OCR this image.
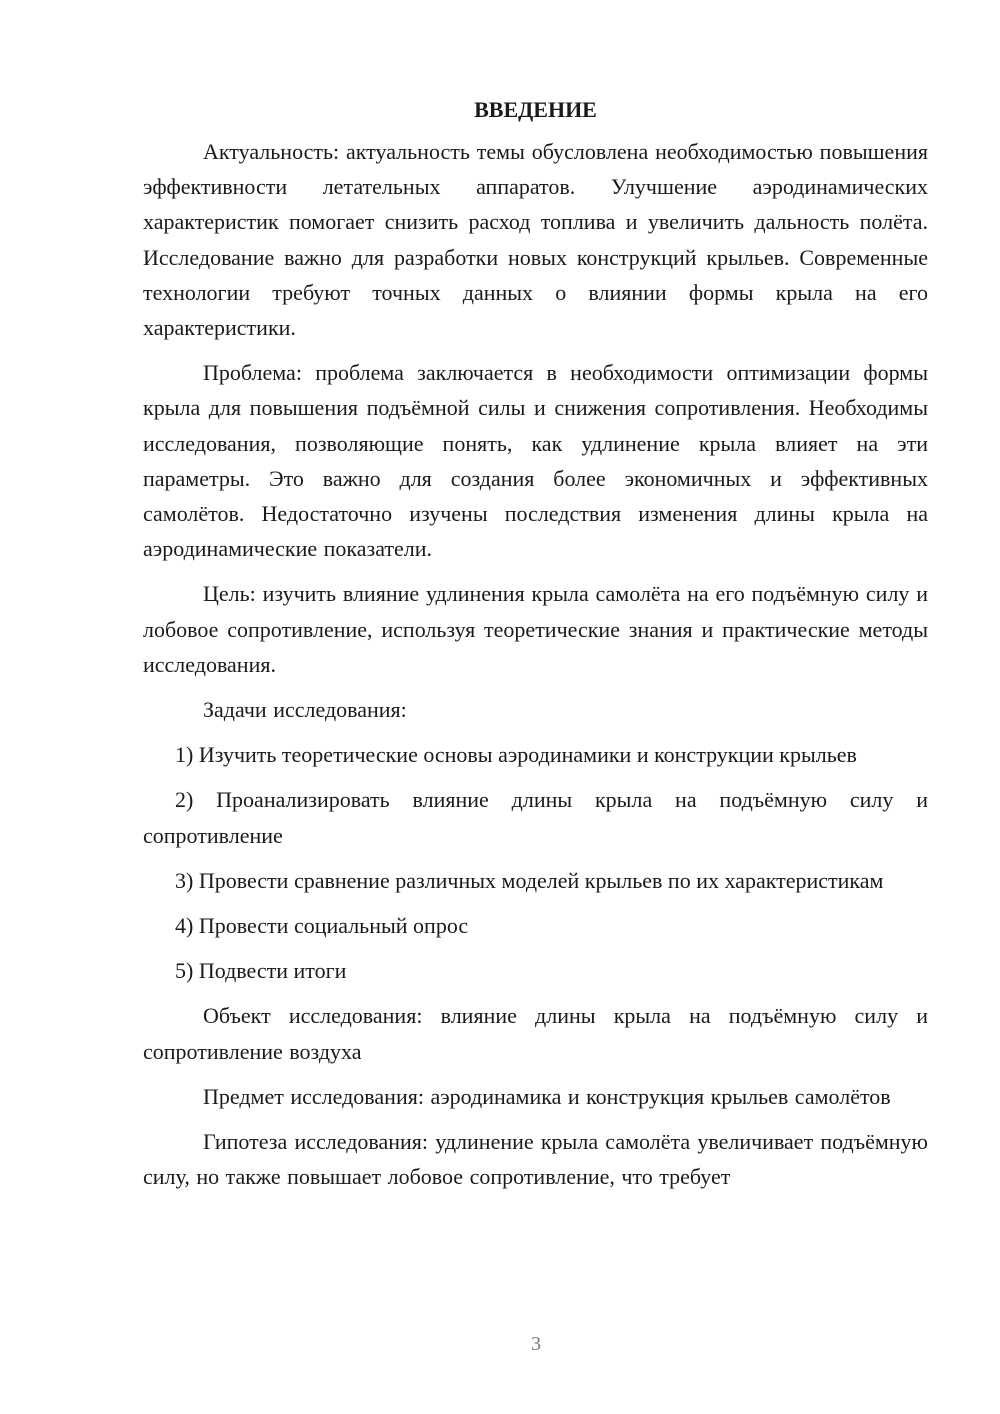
ВВЕДЕНИЕ

Актуальность: актуальность темы обусловлена необходимостью повышения эффективности летательных аппаратов. Улучшение аэродинамических характеристик помогает снизить расход топлива и увеличить дальность полёта. Исследование важно для разработки новых конструкций крыльев. Современные технологии требуют точных данных о влиянии формы крыла на его характеристики.

Проблема: проблема заключается в необходимости оптимизации формы крыла для повышения подъёмной силы и снижения сопротивления. Необходимы исследования, позволяющие понять, как удлинение крыла влияет на эти параметры. Это важно для создания более экономичных и эффективных самолётов. Недостаточно изучены последствия изменения длины крыла на аэродинамические показатели.

Цель: изучить влияние удлинения крыла самолёта на его подъёмную силу и лобовое сопротивление, используя теоретические знания и практические методы исследования.

Задачи исследования:

1) Изучить теоретические основы аэродинамики и конструкции крыльев

2) Проанализировать влияние длины крыла на подъёмную силу и сопротивление

3) Провести сравнение различных моделей крыльев по их характеристикам

4) Провести социальный опрос

5) Подвести итоги

Объект исследования: влияние длины крыла на подъёмную силу и сопротивление воздуха

Предмет исследования: аэродинамика и конструкция крыльев самолётов

Гипотеза исследования: удлинение крыла самолёта увеличивает подъёмную силу, но также повышает лобовое сопротивление, что требует

3
